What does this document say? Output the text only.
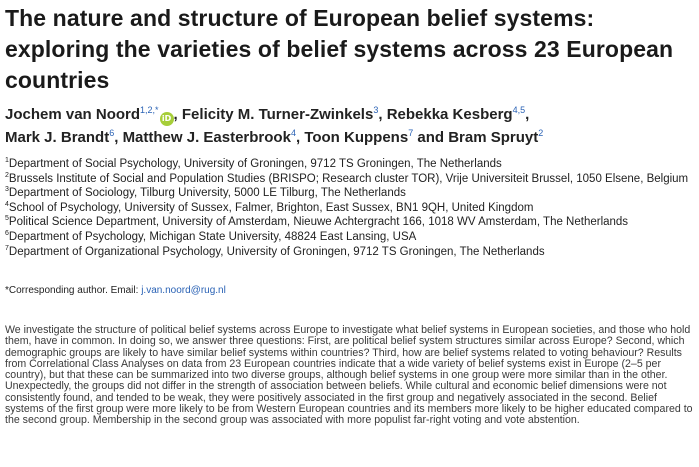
The nature and structure of European belief systems: exploring the varieties of belief systems across 23 European countries
Jochem van Noord$^{1,2,*}$iD , Felicity M. Turner-Zwinkels$^3$, Rebekka Kesberg$^{4,5}$,
Mark J. Brandt$^6$, Matthew J. Easterbrook$^4$, Toon Kuppens$^7$ and Bram Spruyt$^2$
$^1$Department of Social Psychology, University of Groningen, 9712 TS Groningen, The Netherlands
$^2$Brussels Institute of Social and Population Studies (BRISPO; Research cluster TOR), Vrije Universiteit Brussel, 1050 Elsene, Belgium
$^3$Department of Sociology, Tilburg University, 5000 LE Tilburg, The Netherlands
$^4$School of Psychology, University of Sussex, Falmer, Brighton, East Sussex, BN1 9QH, United Kingdom
$^5$Political Science Department, University of Amsterdam, Nieuwe Achtergracht 166, 1018 WV Amsterdam, The Netherlands
$^6$Department of Psychology, Michigan State University, 48824 East Lansing, USA
$^7$Department of Organizational Psychology, University of Groningen, 9712 TS Groningen, The Netherlands
*Corresponding author. Email: j.van.noord@rug.nl
We investigate the structure of political belief systems across Europe to investigate what belief systems in European societies, and those who hold them, have in common. In doing so, we answer three questions: First, are political belief system structures similar across Europe? Second, which demographic groups are likely to have similar belief systems within countries? Third, how are belief systems related to voting behaviour? Results from Correlational Class Analyses on data from 23 European countries indicate that a wide variety of belief systems exist in Europe (2–5 per country), but that these can be summarized into two diverse groups, although belief systems in one group were more similar than in the other. Unexpectedly, the groups did not differ in the strength of association between beliefs. While cultural and economic belief dimensions were not consistently found, and tended to be weak, they were positively associated in the first group and negatively associated in the second. Belief systems of the first group were more likely to be from Western European countries and its members more likely to be higher educated compared to the second group. Membership in the second group was associated with more populist far-right voting and vote abstention.
